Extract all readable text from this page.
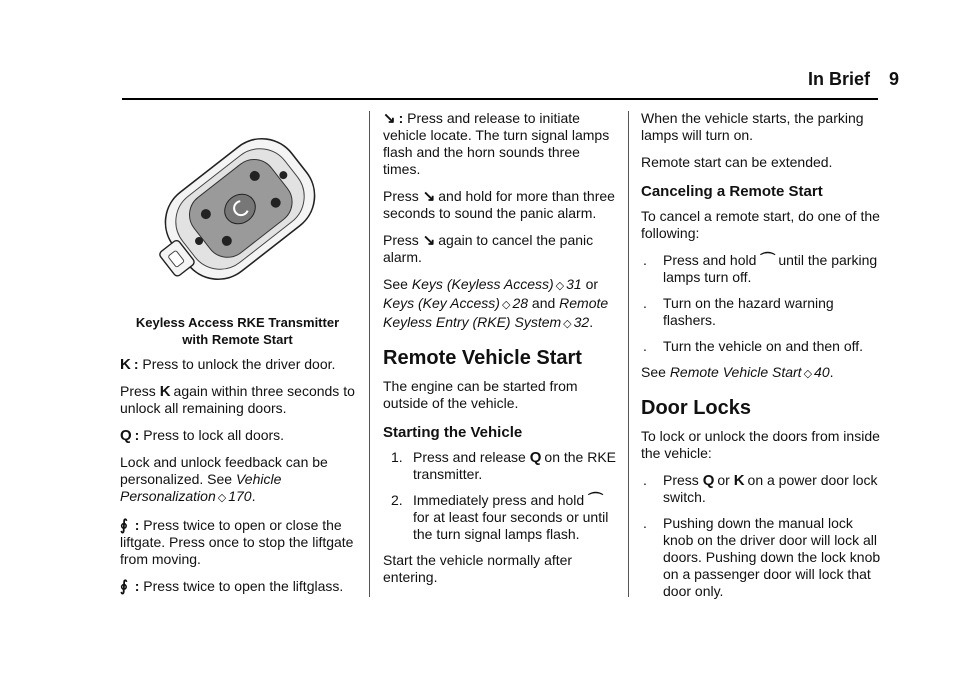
In Brief 9

Keyless Access RKE Transmitter
with Remote Start

K : Press to unlock the driver door.

Press K again within three seconds to unlock all remaining doors.

Q : Press to lock all doors.

Lock and unlock feedback can be personalized. See Vehicle Personalization ◇ 170.

∮ : Press twice to open or close the liftgate. Press once to stop the liftgate from moving.

∮ : Press twice to open the liftglass.

↘ : Press and release to initiate vehicle locate. The turn signal lamps flash and the horn sounds three times.

Press ↘ and hold for more than three seconds to sound the panic alarm.

Press ↘ again to cancel the panic alarm.

See Keys (Keyless Access) ◇ 31 or Keys (Key Access) ◇ 28 and Remote Keyless Entry (RKE) System ◇ 32.

Remote Vehicle Start

The engine can be started from outside of the vehicle.

Starting the Vehicle

1. Press and release Q on the RKE transmitter.

2. Immediately press and hold ⌒
for at least four seconds or until the turn signal lamps flash.

Start the vehicle normally after entering.

When the vehicle starts, the parking lamps will turn on.

Remote start can be extended.

Canceling a Remote Start

To cancel a remote start, do one of the following:

. Press and hold ⌒ until the parking lamps turn off.

. Turn on the hazard warning flashers.

. Turn the vehicle on and then off.

See Remote Vehicle Start ◇ 40.

Door Locks

To lock or unlock the doors from inside the vehicle:

. Press Q or K on a power door lock switch.

. Pushing down the manual lock knob on the driver door will lock all doors. Pushing down the lock knob on a passenger door will lock that door only.
